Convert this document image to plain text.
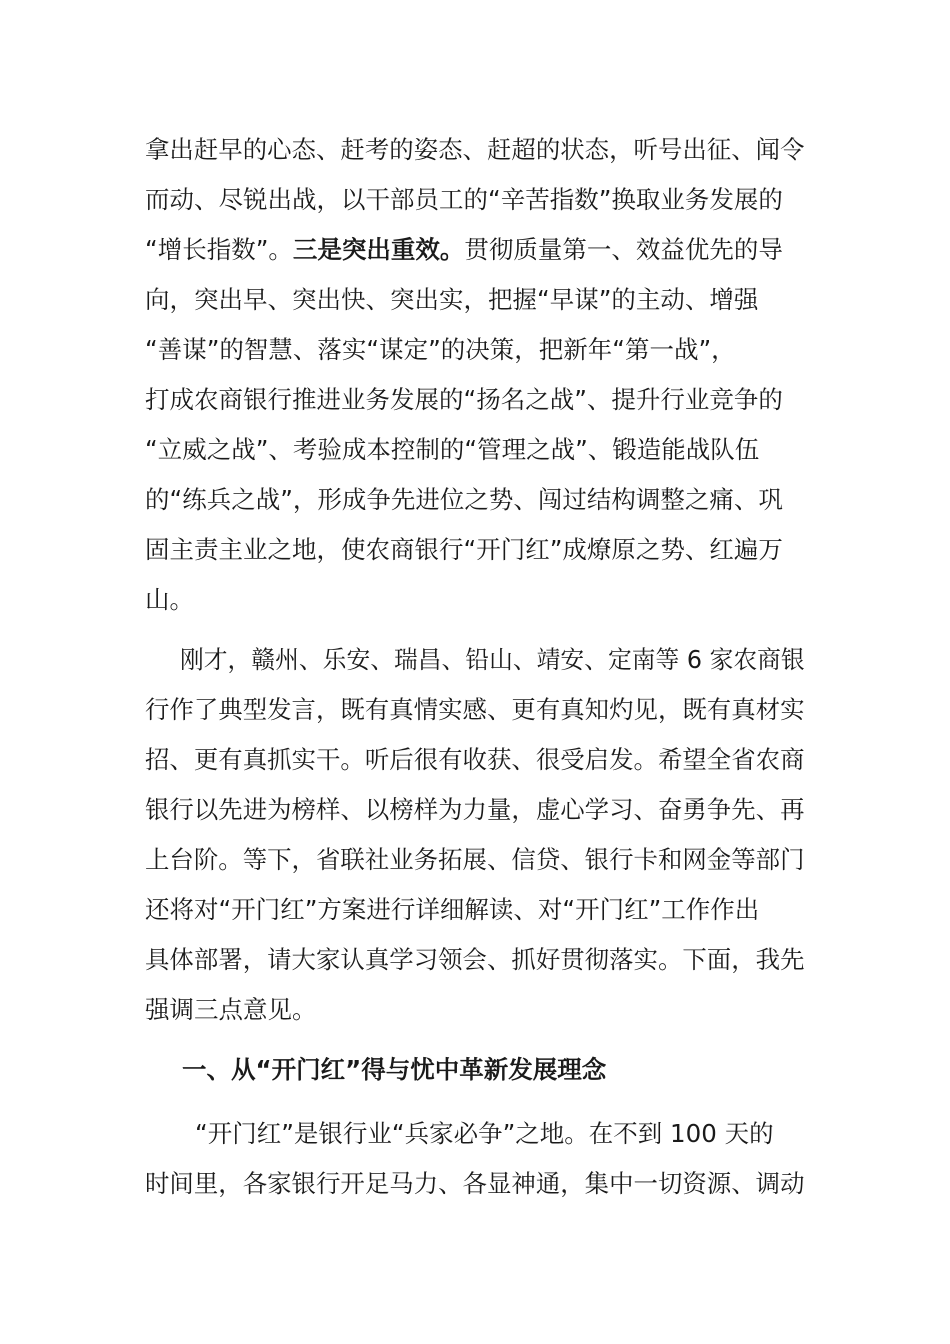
拿出赶早的心态、赶考的姿态、赶超的状态，听号出征、闻令
而动、尽锐出战，以干部员工的“辛苦指数”换取业务发展的
“增长指数”。三是突出重效。贯彻质量第一、效益优先的导
向，突出早、突出快、突出实，把握“早谋”的主动、增强
“善谋”的智慧、落实“谋定”的决策，把新年“第一战”，
打成农商银行推进业务发展的“扬名之战”、提升行业竞争的
“立威之战”、考验成本控制的“管理之战”、锻造能战队伍
的“练兵之战”，形成争先进位之势、闯过结构调整之痛、巩
固主责主业之地，使农商银行“开门红”成燎原之势、红遍万
山。
刚才，赣州、乐安、瑞昌、铅山、靖安、定南等 6 家农商银
行作了典型发言，既有真情实感、更有真知灼见，既有真材实
招、更有真抓实干。听后很有收获、很受启发。希望全省农商
银行以先进为榜样、以榜样为力量，虚心学习、奋勇争先、再
上台阶。等下，省联社业务拓展、信贷、银行卡和网金等部门
还将对“开门红”方案进行详细解读、对“开门红”工作作出
具体部署，请大家认真学习领会、抓好贯彻落实。下面，我先
强调三点意见。
一、从“开门红”得与忧中革新发展理念
“开门红”是银行业“兵家必争”之地。在不到 100 天的
时间里，各家银行开足马力、各显神通，集中一切资源、调动
